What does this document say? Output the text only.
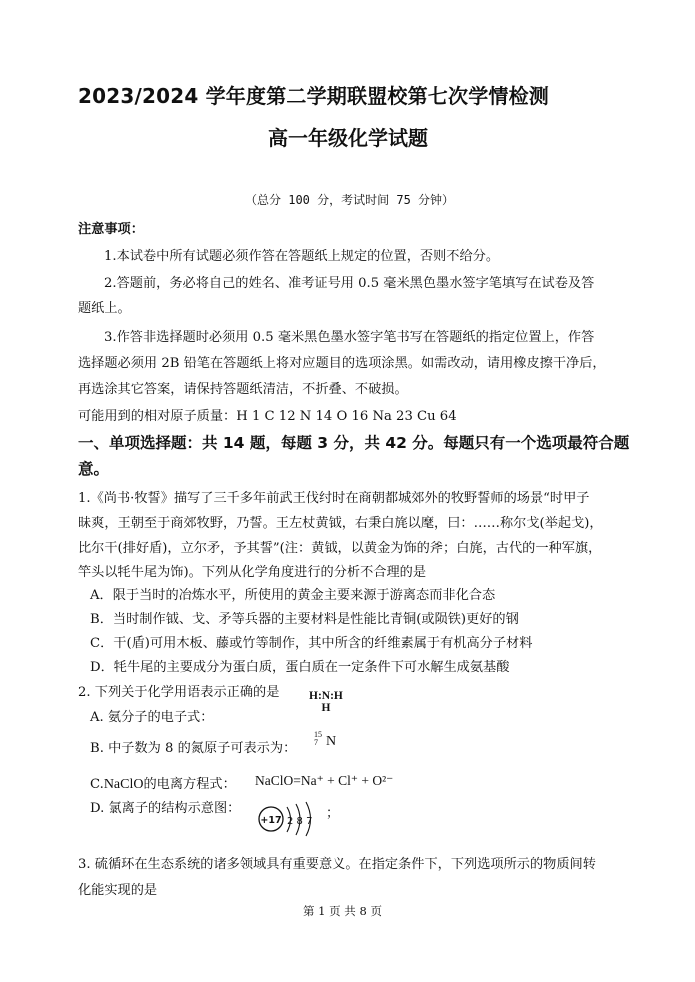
2023/2024 学年度第二学期联盟校第七次学情检测
高一年级化学试题
（总分 100 分，考试时间 75 分钟）
注意事项：
1.本试卷中所有试题必须作答在答题纸上规定的位置，否则不给分。
2.答题前，务必将自己的姓名、准考证号用 0.5 毫米黑色墨水签字笔填写在试卷及答
题纸上。
3.作答非选择题时必须用 0.5 毫米黑色墨水签字笔书写在答题纸的指定位置上，作答
选择题必须用 2B 铅笔在答题纸上将对应题目的选项涂黑。如需改动，请用橡皮擦干净后，
再选涂其它答案，请保持答题纸清洁，不折叠、不破损。
可能用到的相对原子质量：H 1 C 12 N 14 O 16 Na 23 Cu 64
一、单项选择题：共 14 题，每题 3 分，共 42 分。每题只有一个选项最符合题
意。
1.《尚书·牧誓》描写了三千多年前武王伐纣时在商朝都城郊外的牧野誓师的场景“时甲子
昧爽，王朝至于商郊牧野，乃誓。王左杖黄钺，右秉白旄以麾，曰：……称尔戈(举起戈)，
比尔干(排好盾)，立尔矛，予其誓”(注：黄钺，以黄金为饰的斧；白旄，古代的一种军旗，
竿头以牦牛尾为饰)。下列从化学角度进行的分析不合理的是
A．限于当时的冶炼水平，所使用的黄金主要来源于游离态而非化合态
B．当时制作钺、戈、矛等兵器的主要材料是性能比青铜(或陨铁)更好的钢
C．干(盾)可用木板、藤或竹等制作，其中所含的纤维素属于有机高分子材料
D．牦牛尾的主要成分为蛋白质，蛋白质在一定条件下可水解生成氨基酸
2. 下列关于化学用语表示正确的是
A. 氨分子的电子式：
H:N:H
H
B. 中子数为 8 的氮原子可表示为：
15
7 N
C.NaClO的电离方程式： NaClO=Na⁺ + Cl⁺ + O²⁻
D. 氯离子的结构示意图：
+17 2 8 7
；
3. 硫循环在生态系统的诸多领域具有重要意义。在指定条件下，下列选项所示的物质间转
化能实现的是
第 1 页 共 8 页
